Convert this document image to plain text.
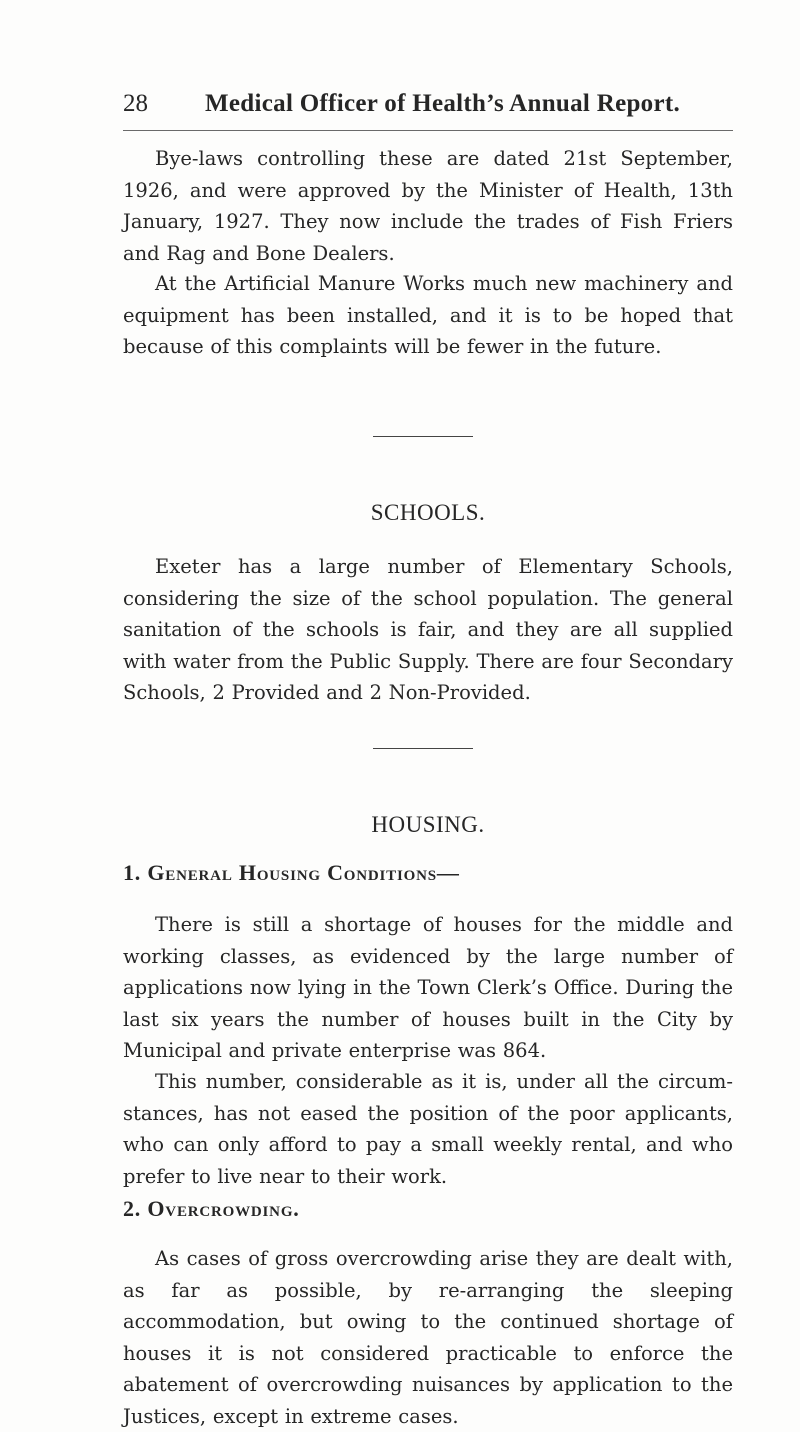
28 Medical Officer of Health’s Annual Report.

Bye-laws controlling these are dated 21st September, 1926, and were approved by the Minister of Health, 13th January, 1927. They now include the trades of Fish Friers and Rag and Bone Dealers.

At the Artificial Manure Works much new machinery and equipment has been installed, and it is to be hoped that because of this complaints will be fewer in the future.

SCHOOLS.

Exeter has a large number of Elementary Schools, considering the size of the school population. The general sanitation of the schools is fair, and they are all supplied with water from the Public Supply. There are four Secondary Schools, 2 Provided and 2 Non-Provided.

HOUSING.
1. General Housing Conditions—

There is still a shortage of houses for the middle and working classes, as evidenced by the large number of applications now lying in the Town Clerk’s Office. During the last six years the number of houses built in the City by Municipal and private enterprise was 864.

This number, considerable as it is, under all the circumstances, has not eased the position of the poor applicants, who can only afford to pay a small weekly rental, and who prefer to live near to their work.

2. Overcrowding.

As cases of gross overcrowding arise they are dealt with, as far as possible, by re-arranging the sleeping accommodation, but owing to the continued shortage of houses it is not considered practicable to enforce the abatement of overcrowding nuisances by application to the Justices, except in extreme cases.
